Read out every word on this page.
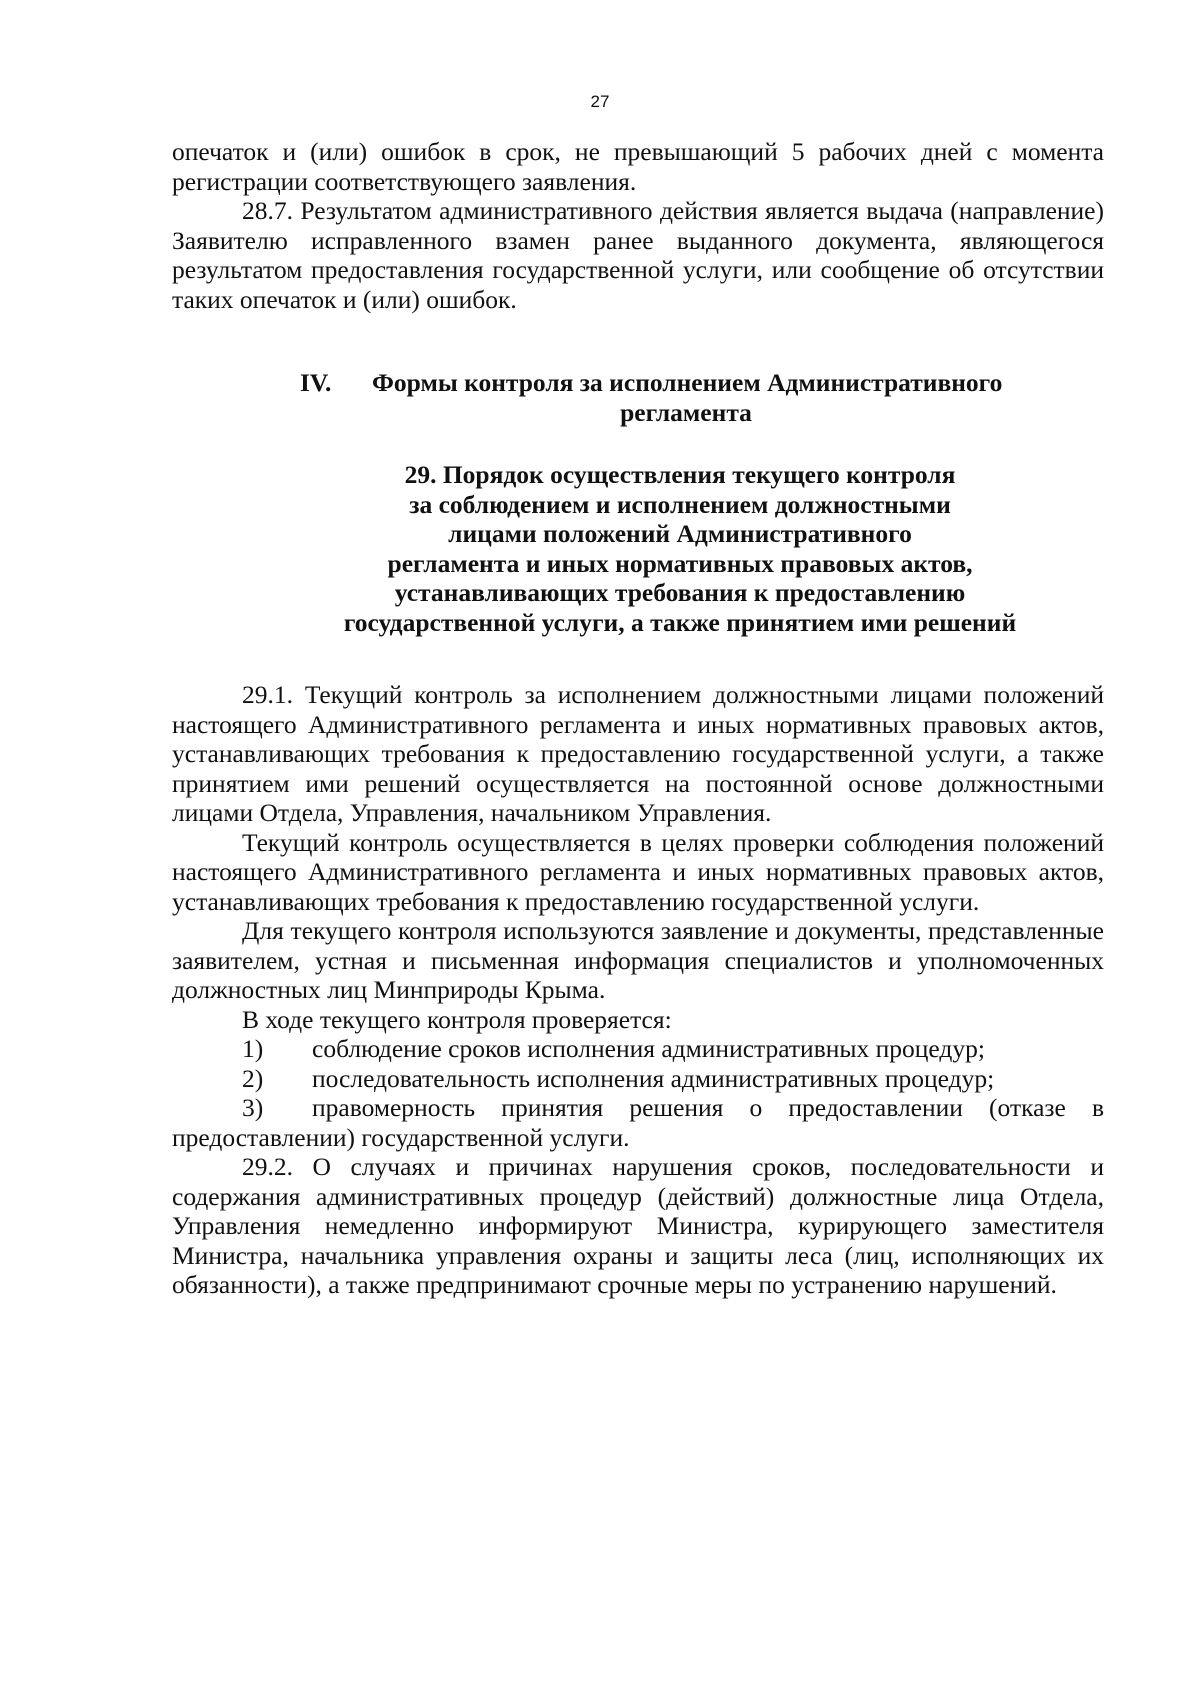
27

опечаток и (или) ошибок в срок, не превышающий 5 рабочих дней с момента регистрации соответствующего заявления.

28.7. Результатом административного действия является выдача (направление) Заявителю исправленного взамен ранее выданного документа, являющегося результатом предоставления государственной услуги, или сообщение об отсутствии таких опечаток и (или) ошибок.

IV.	Формы контроля за исполнением Административного

регламента

29. Порядок осуществления текущего контроля

за соблюдением и исполнением должностными

лицами положений Административного

регламента и иных нормативных правовых актов,

устанавливающих требования к предоставлению

государственной услуги, а также принятием ими решений

29.1. Текущий контроль за исполнением должностными лицами положений настоящего Административного регламента и иных нормативных правовых актов, устанавливающих требования к предоставлению государственной услуги, а также принятием ими решений осуществляется на постоянной основе должностными лицами Отдела, Управления, начальником Управления.

Текущий контроль осуществляется в целях проверки соблюдения положений настоящего Административного регламента и иных нормативных правовых актов, устанавливающих требования к предоставлению государственной услуги.

Для текущего контроля используются заявление и документы, представленные заявителем, устная и письменная информация специалистов и уполномоченных должностных лиц Минприроды Крыма.

В ходе текущего контроля проверяется:

1) соблюдение сроков исполнения административных процедур;

2) последовательность исполнения административных процедур;

3) правомерность принятия решения о предоставлении (отказе в предоставлении) государственной услуги.

29.2. О случаях и причинах нарушения сроков, последовательности и содержания административных процедур (действий) должностные лица Отдела, Управления немедленно информируют Министра, курирующего заместителя Министра, начальника управления охраны и защиты леса (лиц, исполняющих их обязанности), а также предпринимают срочные меры по устранению нарушений.
